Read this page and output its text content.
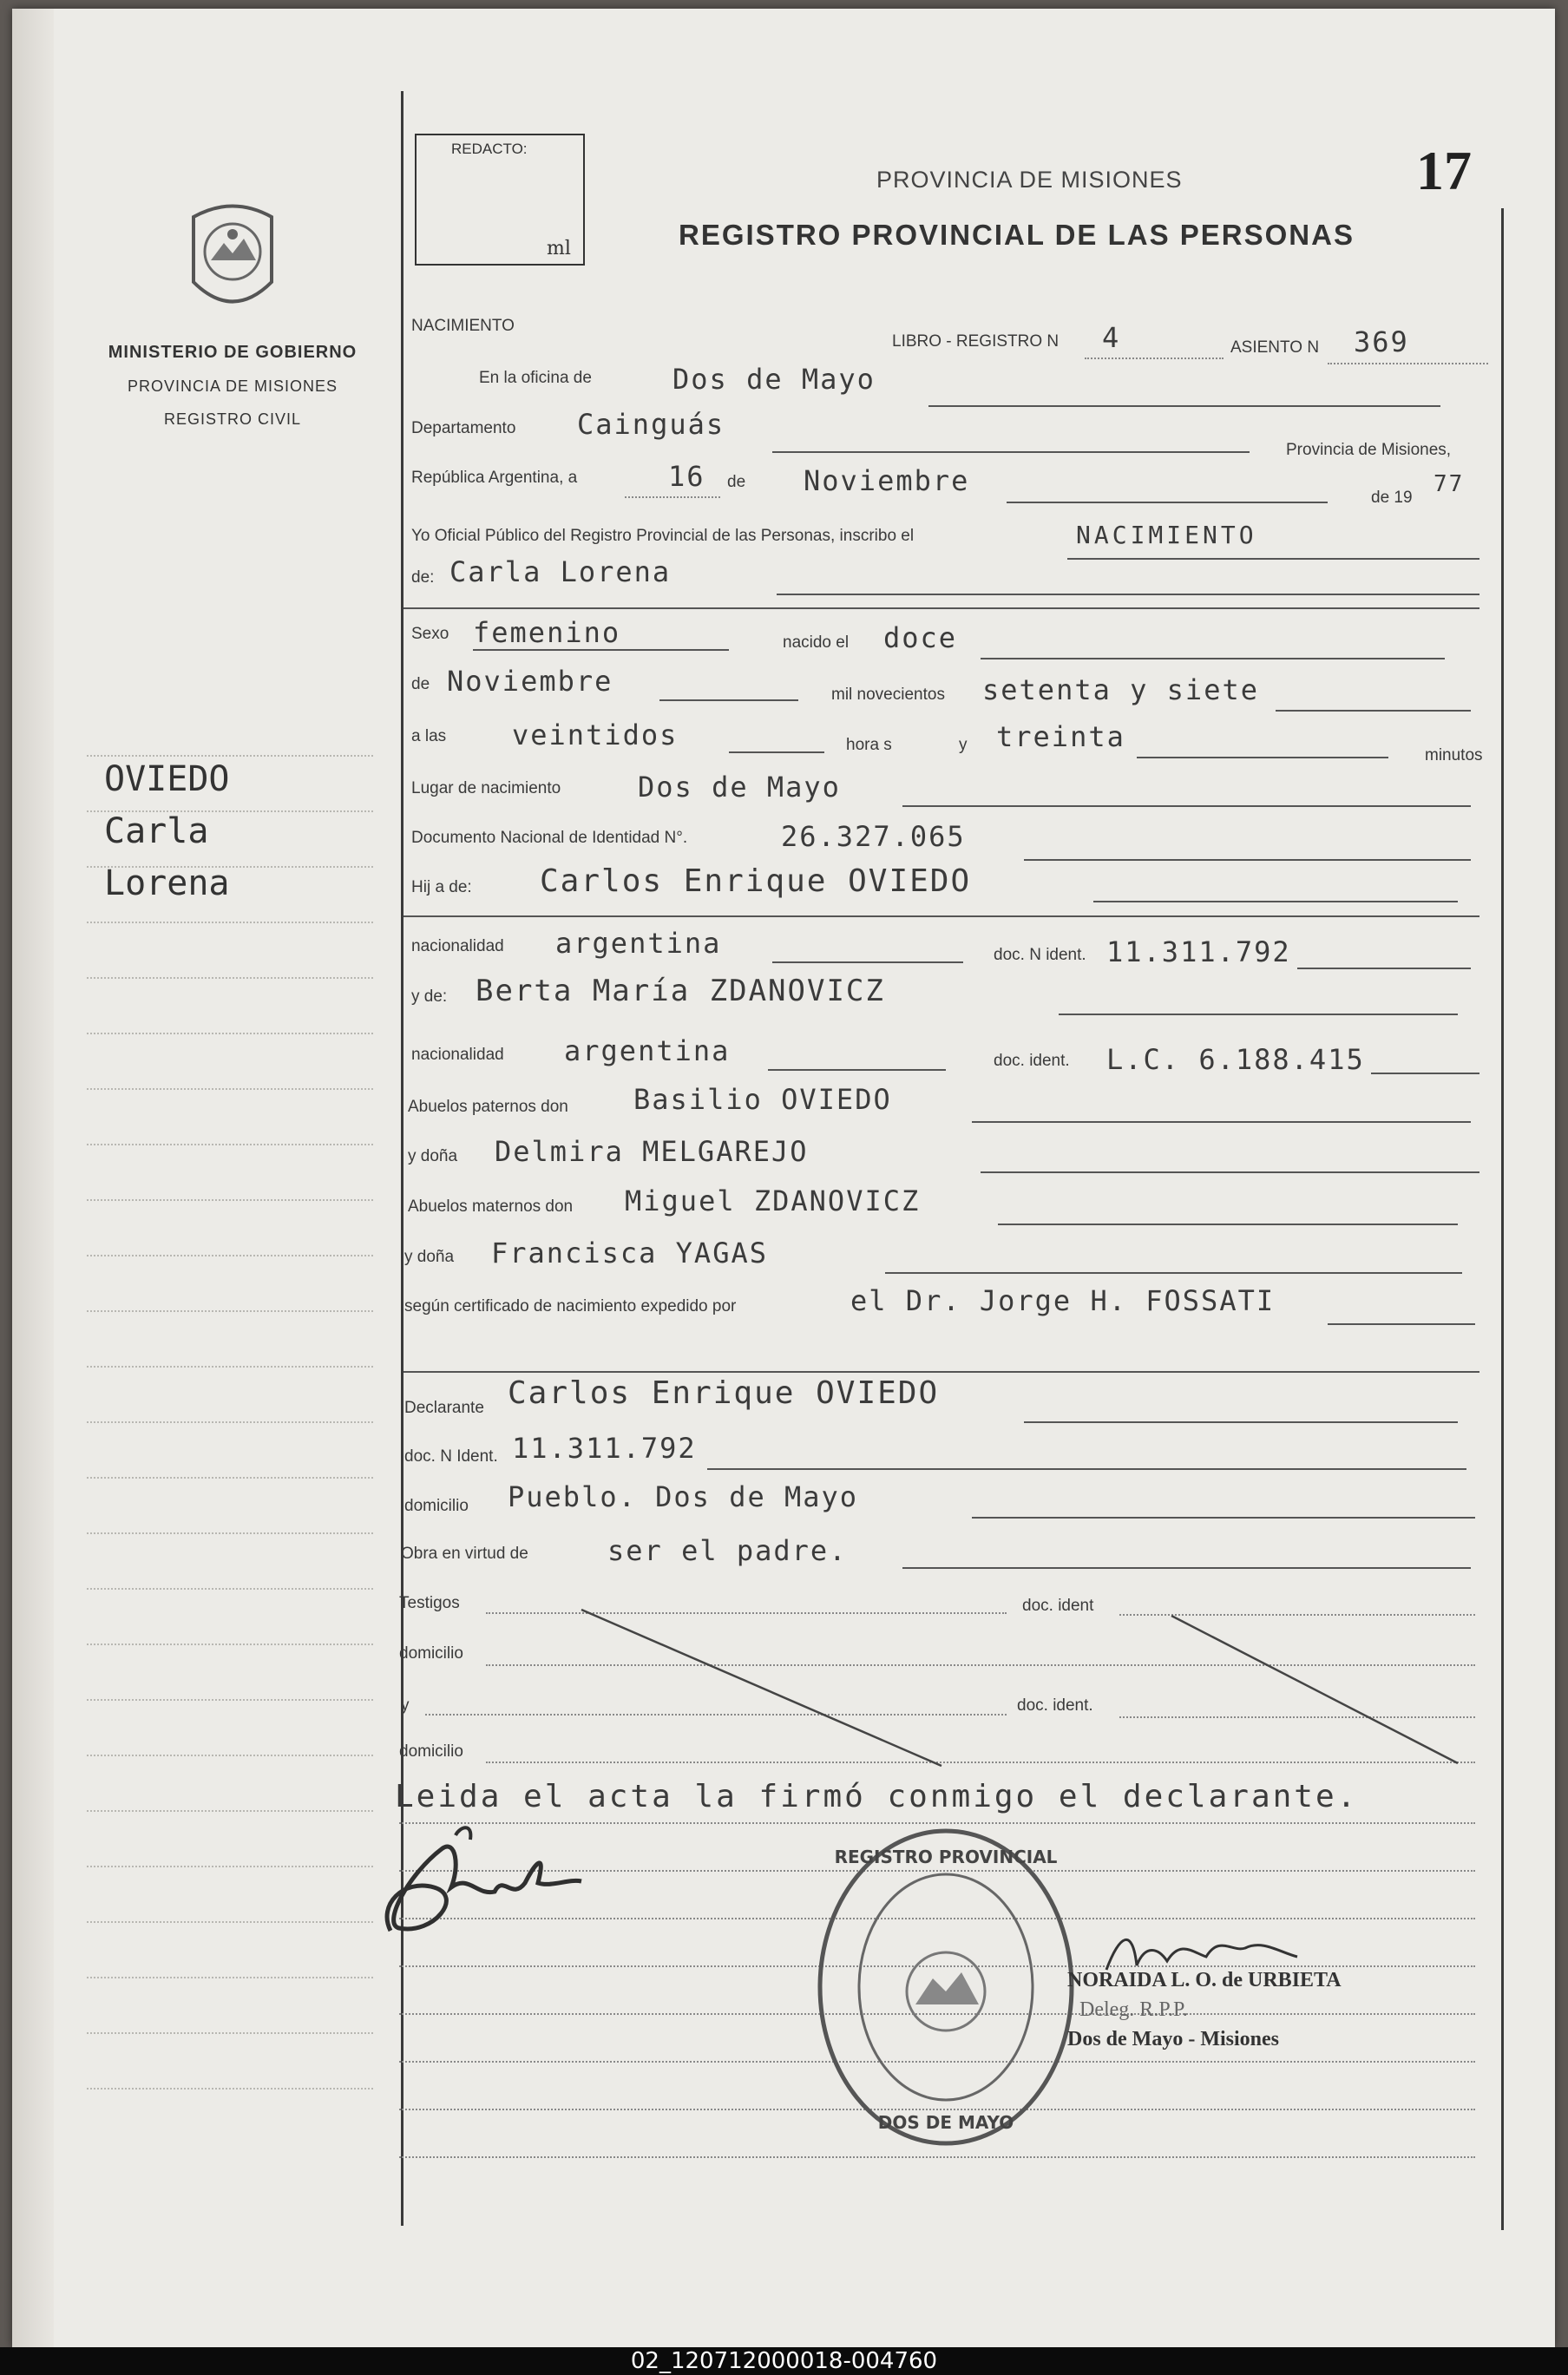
MINISTERIO DE GOBIERNO
PROVINCIA DE MISIONES
REGISTRO CIVIL
OVIEDO
Carla
Lorena
REDACTO:
ml
PROVINCIA DE MISIONES
REGISTRO PROVINCIAL DE LAS PERSONAS
17
NACIMIENTO
LIBRO - REGISTRO N 4	ASIENTO N 369
En la oficina de	Dos de Mayo
Departamento Cainguás
Provincia de Misiones,
República Argentina, a	16 de Noviembre
de 19
77
Yo Oficial Público del Registro Provincial de las Personas, inscribo el	NACIMIENTO
de: Carla Lorena
Sexo femenino	nacido el doce
de Noviembre	mil novecientos setenta y siete
a las veintidos	hora s	y treinta
minutos
Lugar de nacimiento	Dos de Mayo
Documento Nacional de Identidad N°.	26.327.065
Hij a de: Carlos Enrique OVIEDO
nacionalidad argentina	doc. N ident. 11.311.792
y de: Berta María ZDANOVICZ
nacionalidad argentina	doc. ident. L.C. 6.188.415
Abuelos paternos don Basilio OVIEDO
y doña Delmira MELGAREJO
Abuelos maternos don Miguel ZDANOVICZ
y doña Francisca YAGAS
según certificado de nacimiento expedido por	el Dr. Jorge H. FOSSATI
Declarante Carlos Enrique OVIEDO
doc. N Ident. 11.311.792
domicilio Pueblo. Dos de Mayo
Obra en virtud de	ser el padre.
Testigos	doc. ident
domicilio
y	doc. ident.
domicilio
Leida el acta la firmó conmigo el declarante.
REGISTRO PROVINCIAL
DOS DE MAYO
NORAIDA L. O. de URBIETA
Deleg. R.P.P.
Dos de Mayo - Misiones
02_120712000018-004760
